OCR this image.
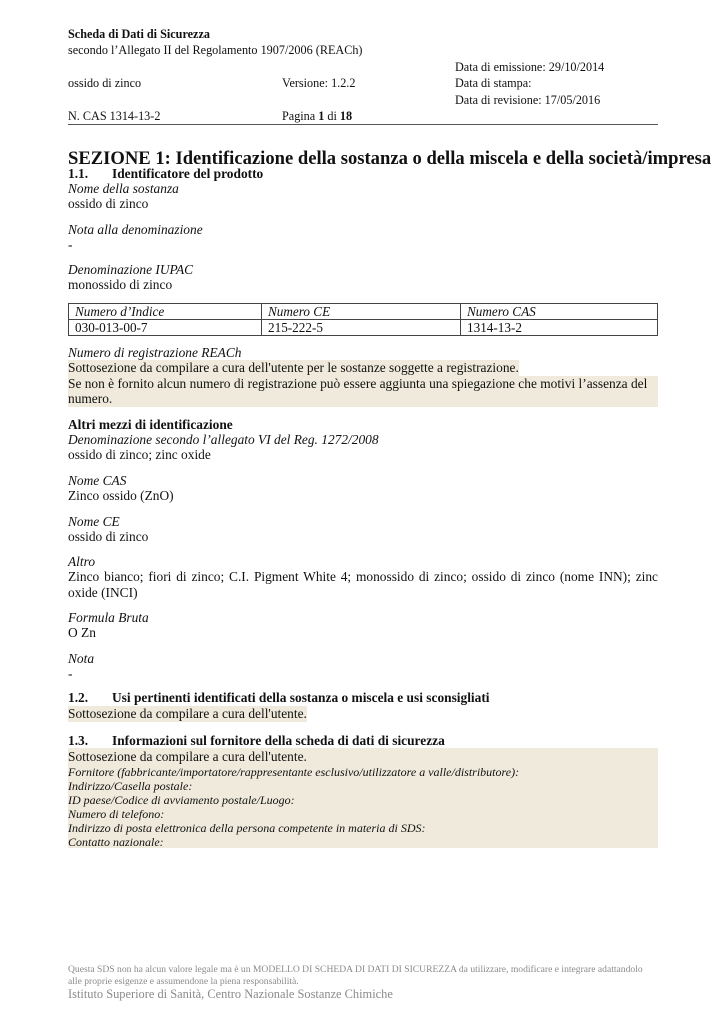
Scheda di Dati di Sicurezza
secondo l’Allegato II del Regolamento 1907/2006 (REACh)
Data di emissione: 29/10/2014
ossido di zinco	Versione: 1.2.2	Data di stampa:
Data di revisione: 17/05/2016
N. CAS 1314-13-2	Pagina 1 di 18
SEZIONE 1: Identificazione della sostanza o della miscela e della società/impresa
1.1. Identificatore del prodotto
Nome della sostanza
ossido di zinco
Nota alla denominazione
-
Denominazione IUPAC
monossido di zinco
Numero d’Indice	Numero CE	Numero CAS
030-013-00-7	215-222-5	1314-13-2
Numero di registrazione REACh
Sottosezione da compilare a cura dell'utente per le sostanze soggette a registrazione.
Se non è fornito alcun numero di registrazione può essere aggiunta una spiegazione che motivi l’assenza del
numero.
Altri mezzi di identificazione
Denominazione secondo l’allegato VI del Reg. 1272/2008
ossido di zinco; zinc oxide
Nome CAS
Zinco ossido (ZnO)
Nome CE
ossido di zinco
Altro
Zinco bianco; fiori di zinco; C.I. Pigment White 4; monossido di zinco; ossido di zinco (nome INN); zinc
oxide (INCI)
Formula Bruta
O Zn
Nota
-
1.2. Usi pertinenti identificati della sostanza o miscela e usi sconsigliati
Sottosezione da compilare a cura dell'utente.
1.3. Informazioni sul fornitore della scheda di dati di sicurezza
Sottosezione da compilare a cura dell'utente.
Fornitore (fabbricante/importatore/rappresentante esclusivo/utilizzatore a valle/distributore):
Indirizzo/Casella postale:
ID paese/Codice di avviamento postale/Luogo:
Numero di telefono:
Indirizzo di posta elettronica della persona competente in materia di SDS:
Contatto nazionale:
Questa SDS non ha alcun valore legale ma è un MODELLO DI SCHEDA DI DATI DI SICUREZZA da utilizzare, modificare e integrare adattandolo
alle proprie esigenze e assumendone la piena responsabilità.
Istituto Superiore di Sanità, Centro Nazionale Sostanze Chimiche
